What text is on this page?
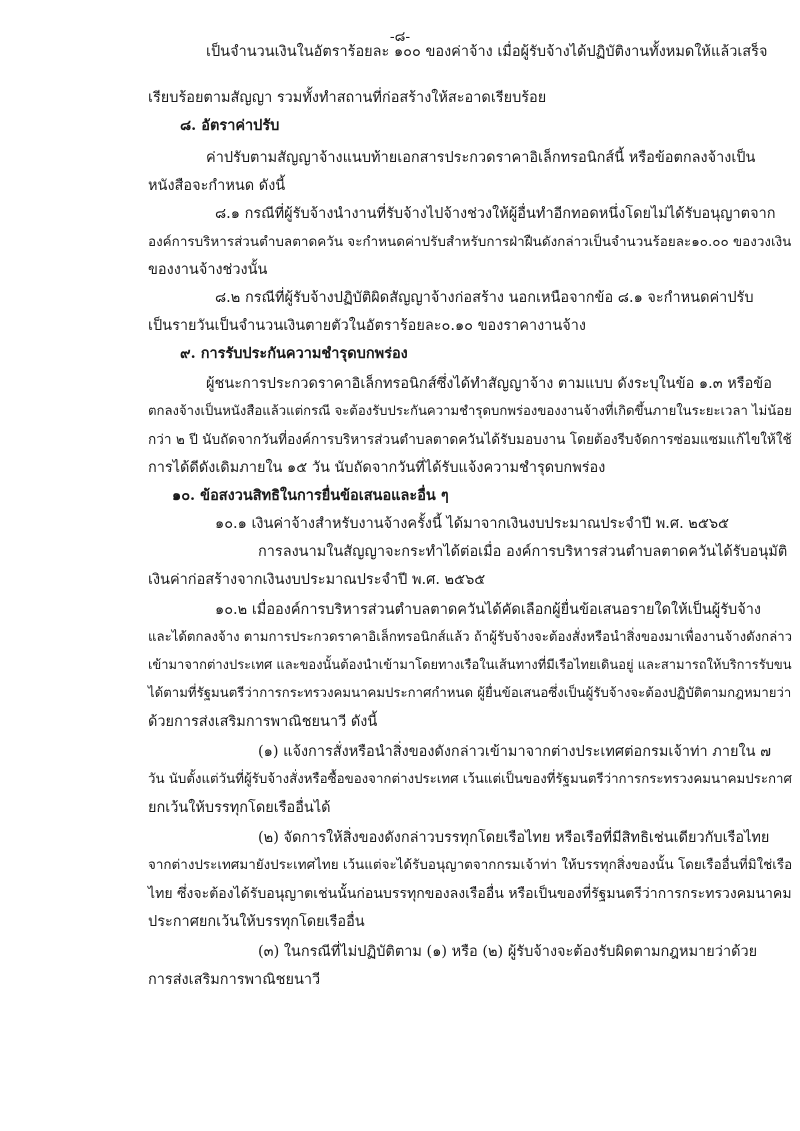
-๘-

เป็นจำนวนเงินในอัตราร้อยละ ๑๐๐ ของค่าจ้าง เมื่อผู้รับจ้างได้ปฏิบัติงานทั้งหมดให้แล้วเสร็จ

เรียบร้อยตามสัญญา รวมทั้งทำสถานที่ก่อสร้างให้สะอาดเรียบร้อย

๘. อัตราค่าปรับ

ค่าปรับตามสัญญาจ้างแนบท้ายเอกสารประกวดราคาอิเล็กทรอนิกส์นี้ หรือข้อตกลงจ้างเป็น

หนังสือจะกำหนด ดังนี้

๘.๑ กรณีที่ผู้รับจ้างนำงานที่รับจ้างไปจ้างช่วงให้ผู้อื่นทำอีกทอดหนึ่งโดยไม่ได้รับอนุญาตจาก

องค์การบริหารส่วนตำบลตาดควัน จะกำหนดค่าปรับสำหรับการฝ่าฝืนดังกล่าวเป็นจำนวนร้อยละ๑๐.๐๐ ของวงเงิน

ของงานจ้างช่วงนั้น

๘.๒ กรณีที่ผู้รับจ้างปฏิบัติผิดสัญญาจ้างก่อสร้าง นอกเหนือจากข้อ ๘.๑ จะกำหนดค่าปรับ

เป็นรายวันเป็นจำนวนเงินตายตัวในอัตราร้อยละ๐.๑๐ ของราคางานจ้าง

๙. การรับประกันความชำรุดบกพร่อง

ผู้ชนะการประกวดราคาอิเล็กทรอนิกส์ซึ่งได้ทำสัญญาจ้าง ตามแบบ ดังระบุในข้อ ๑.๓ หรือข้อ

ตกลงจ้างเป็นหนังสือแล้วแต่กรณี จะต้องรับประกันความชำรุดบกพร่องของงานจ้างที่เกิดขึ้นภายในระยะเวลา ไม่น้อย

กว่า ๒ ปี นับถัดจากวันที่องค์การบริหารส่วนตำบลตาดควันได้รับมอบงาน โดยต้องรีบจัดการซ่อมแซมแก้ไขให้ใช้

การได้ดีดังเดิมภายใน ๑๕ วัน นับถัดจากวันที่ได้รับแจ้งความชำรุดบกพร่อง

๑๐. ข้อสงวนสิทธิในการยื่นข้อเสนอและอื่น ๆ

๑๐.๑ เงินค่าจ้างสำหรับงานจ้างครั้งนี้ ได้มาจากเงินงบประมาณประจำปี พ.ศ. ๒๕๖๕

การลงนามในสัญญาจะกระทำได้ต่อเมื่อ องค์การบริหารส่วนตำบลตาดควันได้รับอนุมัติ

เงินค่าก่อสร้างจากเงินงบประมาณประจำปี พ.ศ. ๒๕๖๕

๑๐.๒ เมื่อองค์การบริหารส่วนตำบลตาดควันได้คัดเลือกผู้ยื่นข้อเสนอรายใดให้เป็นผู้รับจ้าง

และได้ตกลงจ้าง ตามการประกวดราคาอิเล็กทรอนิกส์แล้ว ถ้าผู้รับจ้างจะต้องสั่งหรือนำสิ่งของมาเพื่องานจ้างดังกล่าว

เข้ามาจากต่างประเทศ และของนั้นต้องนำเข้ามาโดยทางเรือในเส้นทางที่มีเรือไทยเดินอยู่ และสามารถให้บริการรับขน

ได้ตามที่รัฐมนตรีว่าการกระทรวงคมนาคมประกาศกำหนด ผู้ยื่นข้อเสนอซึ่งเป็นผู้รับจ้างจะต้องปฏิบัติตามกฎหมายว่า

ด้วยการส่งเสริมการพาณิชยนาวี ดังนี้

(๑) แจ้งการสั่งหรือนำสิ่งของดังกล่าวเข้ามาจากต่างประเทศต่อกรมเจ้าท่า ภายใน ๗

วัน นับตั้งแต่วันที่ผู้รับจ้างสั่งหรือซื้อของจากต่างประเทศ เว้นแต่เป็นของที่รัฐมนตรีว่าการกระทรวงคมนาคมประกาศ

ยกเว้นให้บรรทุกโดยเรืออื่นได้

(๒) จัดการให้สิ่งของดังกล่าวบรรทุกโดยเรือไทย หรือเรือที่มีสิทธิเช่นเดียวกับเรือไทย

จากต่างประเทศมายังประเทศไทย เว้นแต่จะได้รับอนุญาตจากกรมเจ้าท่า ให้บรรทุกสิ่งของนั้น โดยเรืออื่นที่มิใช่เรือ

ไทย ซึ่งจะต้องได้รับอนุญาตเช่นนั้นก่อนบรรทุกของลงเรืออื่น หรือเป็นของที่รัฐมนตรีว่าการกระทรวงคมนาคม

ประกาศยกเว้นให้บรรทุกโดยเรืออื่น

(๓) ในกรณีที่ไม่ปฏิบัติตาม (๑) หรือ (๒) ผู้รับจ้างจะต้องรับผิดตามกฎหมายว่าด้วย

การส่งเสริมการพาณิชยนาวี
